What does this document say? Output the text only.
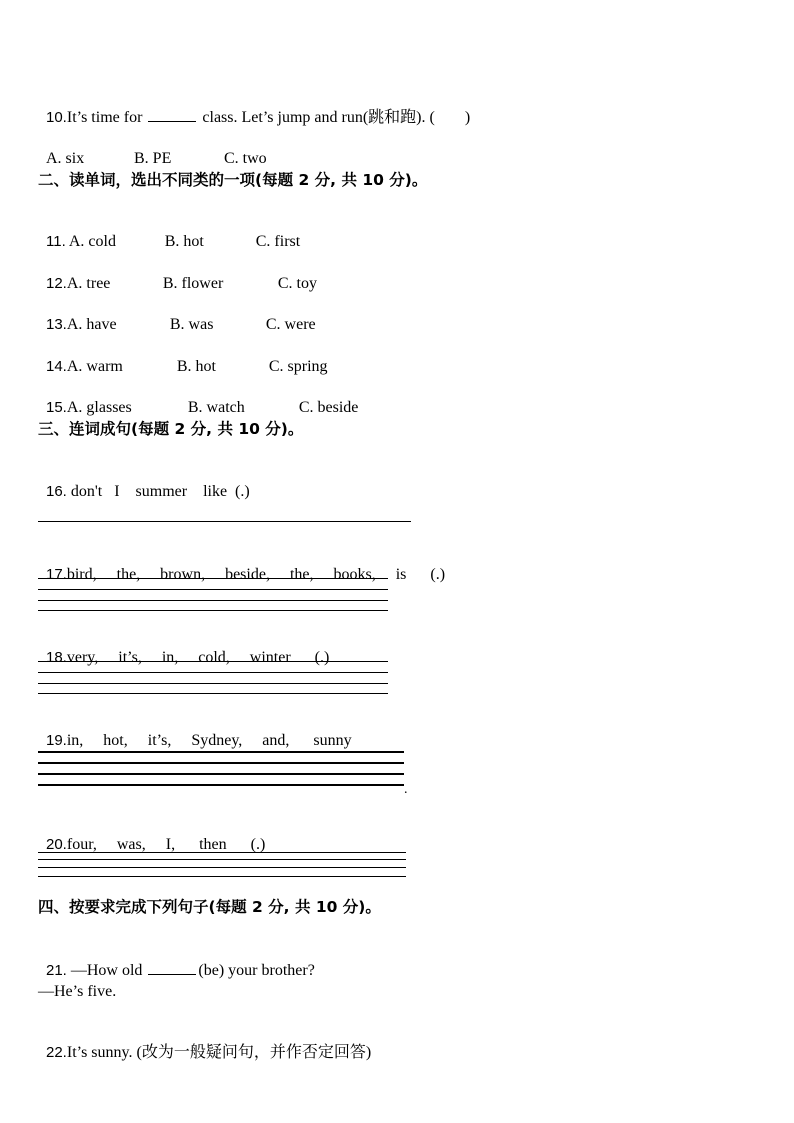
10.It’s time for	class. Let’s jump and run(跳和跑). ( )

A. six	B. PE	C. two

二、读单词，选出不同类的一项(每题 2 分, 共 10 分)。

11. A. cold	B. hot	C. first

12.A. tree	B. flower	C. toy

13.A. have	B. was	C. were

14.A. warm	B. hot	C. spring

15.A. glasses	B. watch	C. beside

三、连词成句(每题 2 分, 共 10 分)。

16. don't   I    summer    like  (.)

17.bird,     the,     brown,     beside,     the,     books,     is      (.)

18.very,     it’s,     in,     cold,     winter      (.)

19.in,     hot,     it’s,     Sydney,     and,      sunny

.

20.four,     was,     I,      then      (.)

四、按要求完成下列句子(每题 2 分, 共 10 分)。

21. —How old	(be) your brother?

—He’s five.

22.It’s sunny. (改为一般疑问句，并作否定回答)
